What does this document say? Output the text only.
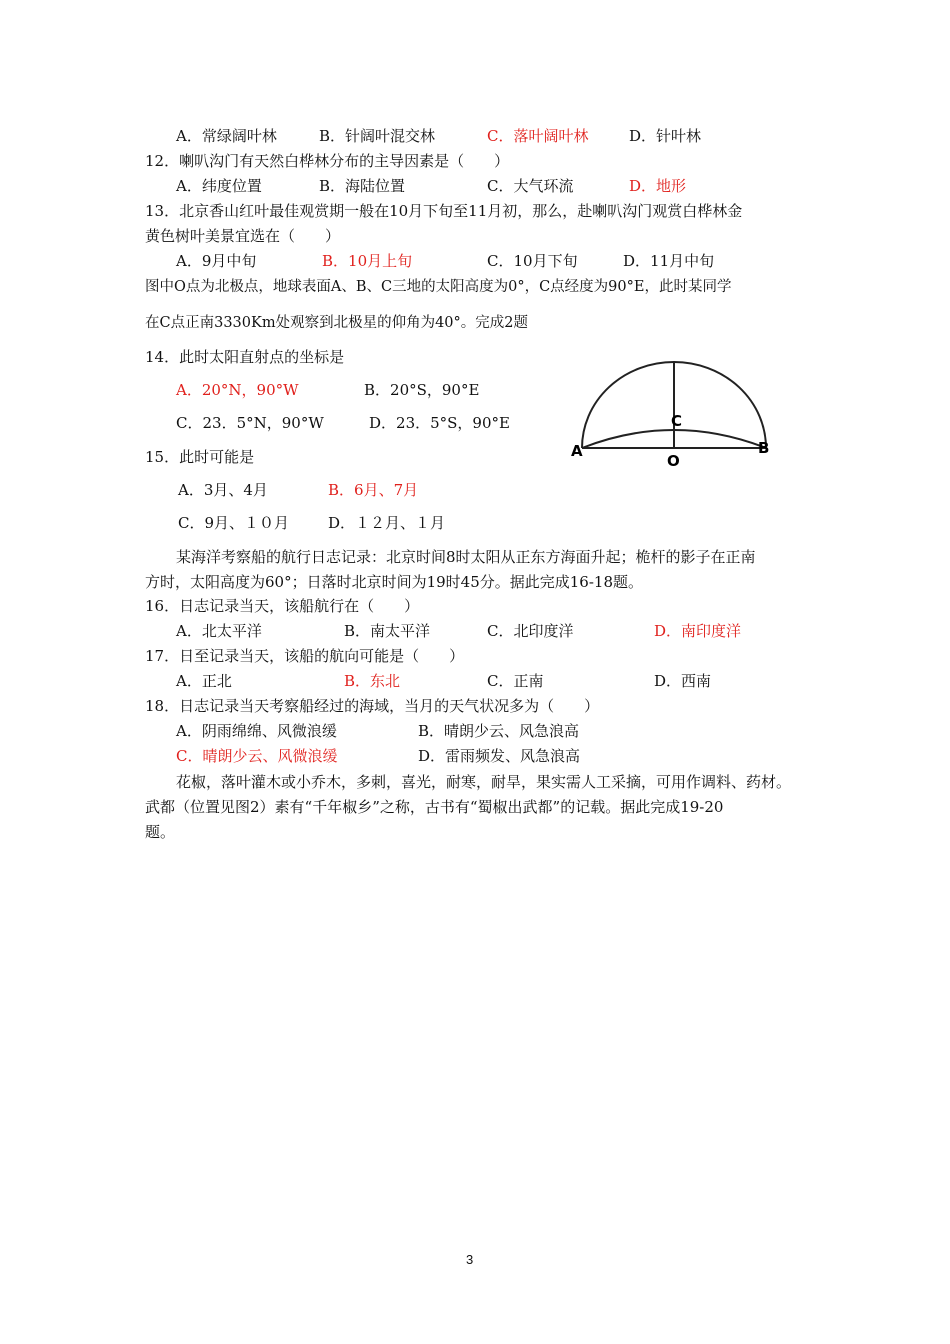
A．常绿阔叶林	B．针阔叶混交林	C．落叶阔叶林	D．针叶林
12．喇叭沟门有天然白桦林分布的主导因素是（　　）
A．纬度位置	B．海陆位置	C．大气环流	D．地形
13．北京香山红叶最佳观赏期一般在10月下旬至11月初，那么，赴喇叭沟门观赏白桦林金
黄色树叶美景宜选在（　　）
A．9月中旬	B．10月上旬	C．10月下旬	D．11月中旬
图中O点为北极点，地球表面A、B、C三地的太阳高度为0°，C点经度为90°E，此时某同学
在C点正南3330Km处观察到北极星的仰角为40°。完成2题
14．此时太阳直射点的坐标是
A．20°N，90°W	B．20°S，90°E
C．23．5°N，90°W	D．23．5°S，90°E
15．此时可能是
A．3月、4月	B．6月、7月
C．9月、１０月	D．１２月、１月
A	B
C
O
某海洋考察船的航行日志记录：北京时间8时太阳从正东方海面升起；桅杆的影子在正南
方时，太阳高度为60°；日落时北京时间为19时45分。据此完成16-18题。
16．日志记录当天，该船航行在（　　）
A．北太平洋	B．南太平洋	C．北印度洋	D．南印度洋
17．日至记录当天，该船的航向可能是（　　）
A．正北	B．东北	C．正南	D．西南
18．日志记录当天考察船经过的海域，当月的天气状况多为（　　）
A．阴雨绵绵、风微浪缓	B．晴朗少云、风急浪高
C．晴朗少云、风微浪缓	D．雷雨频发、风急浪高
花椒，落叶灌木或小乔木，多刺，喜光，耐寒，耐旱，果实需人工采摘，可用作调料、药材。
武都（位置见图2）素有“千年椒乡”之称，古书有“蜀椒出武都”的记载。据此完成19-20
题。
3
